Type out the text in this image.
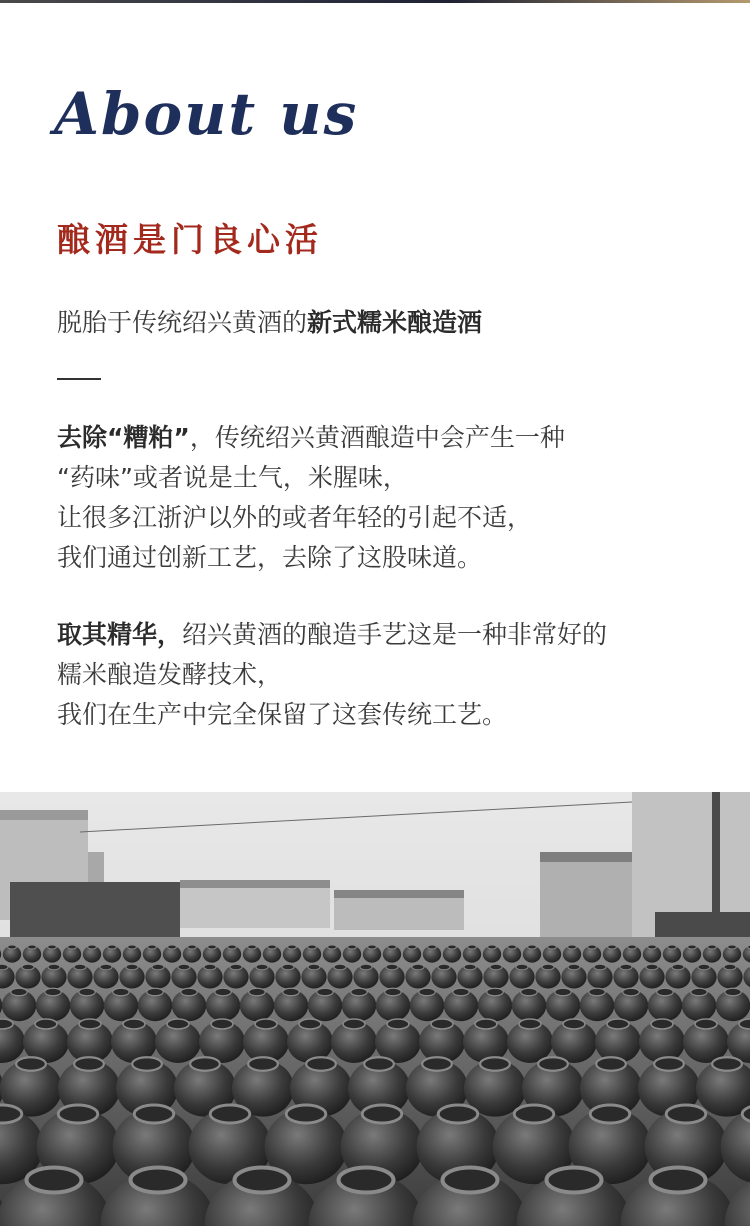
About us
酿酒是门良心活
脱胎于传统绍兴黄酒的新式糯米酿造酒
去除“糟粕”，传统绍兴黄酒酿造中会产生一种
“药味”或者说是土气，米腥味，
让很多江浙沪以外的或者年轻的引起不适，
我们通过创新工艺，去除了这股味道。
取其精华，绍兴黄酒的酿造手艺这是一种非常好的
糯米酿造发酵技术，
我们在生产中完全保留了这套传统工艺。
